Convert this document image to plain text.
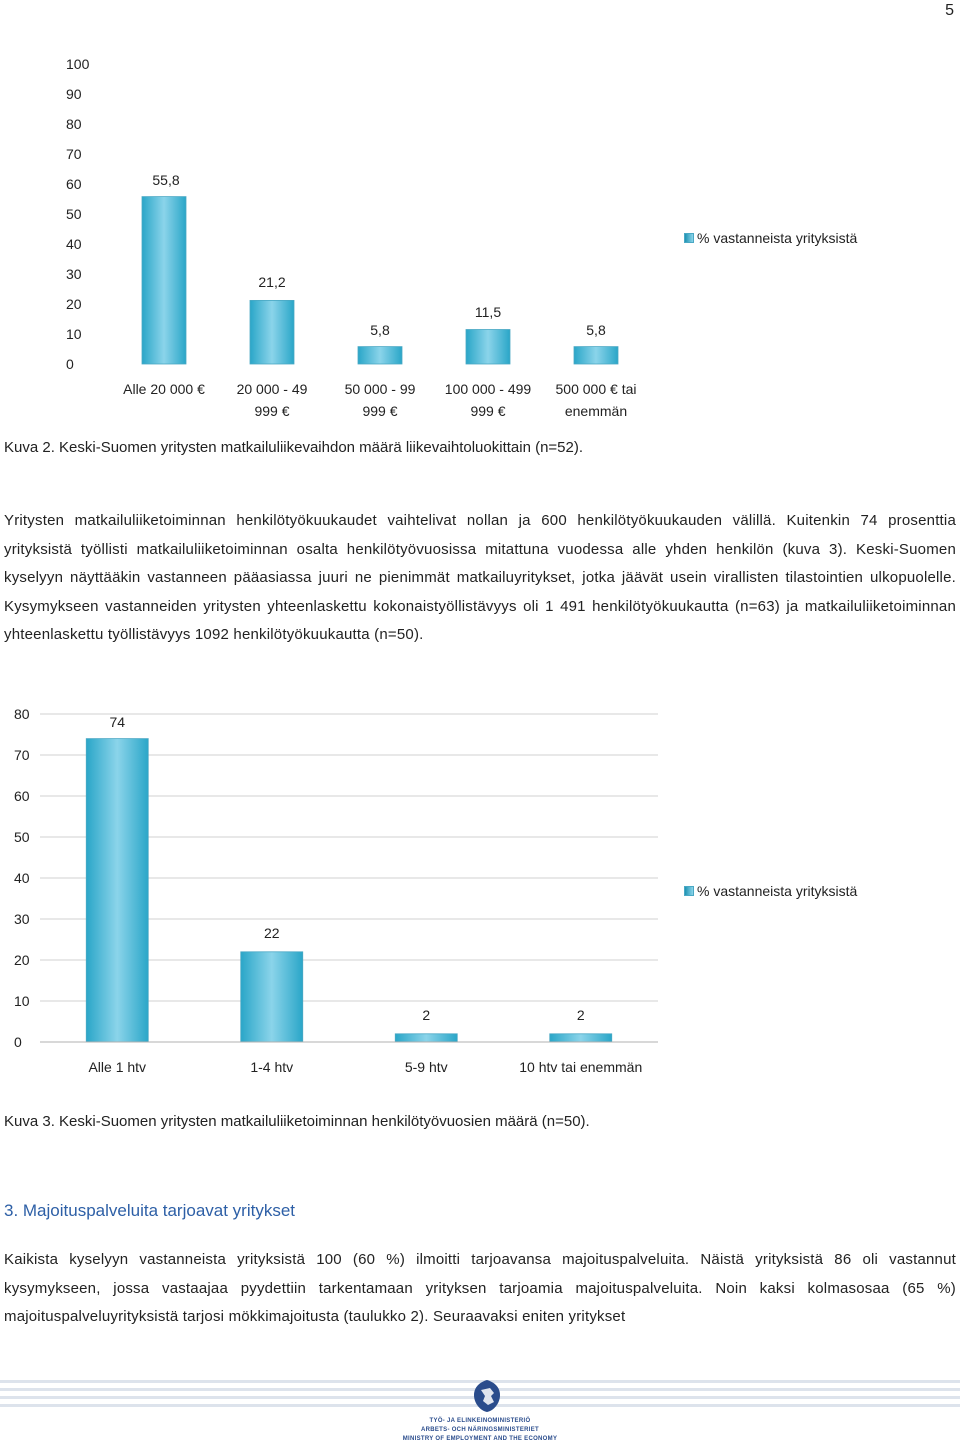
5
0
10
20
30
40
50
60
70
80
90
100
55,8
Alle 20 000 €
21,2
20 000 - 49
999 €
5,8
50 000 - 99
999 €
11,5
100 000 - 499
999 €
5,8
500 000 € tai
enemmän
% vastanneista yrityksistä
Kuva 2. Keski-Suomen yritysten matkailuliikevaihdon määrä liikevaihtoluokittain (n=52).
Yritysten matkailuliiketoiminnan henkilötyökuukaudet vaihtelivat nollan ja 600 henkilötyökuukauden välillä. Kuitenkin 74 prosenttia yrityksistä työllisti matkailuliiketoiminnan osalta henkilötyövuosissa mitattuna vuodessa alle yhden henkilön (kuva 3). Keski-Suomen kyselyyn näyttääkin vastanneen pääasiassa juuri ne pienimmät matkailuyritykset, jotka jäävät usein virallisten tilastointien ulkopuolelle. Kysymykseen vastanneiden yritysten yhteenlaskettu kokonaistyöllistävyys oli 1 491 henkilötyökuukautta (n=63) ja matkailuliiketoiminnan yhteenlaskettu työllistävyys 1092 henkilötyökuukautta (n=50).
0
10
20
30
40
50
60
70
80	74
Alle 1 htv
22
1-4 htv
2
5-9 htv
2
10 htv tai enemmän
% vastanneista yrityksistä
Kuva 3. Keski-Suomen yritysten matkailuliiketoiminnan henkilötyövuosien määrä (n=50).
3. Majoituspalveluita tarjoavat yritykset
Kaikista kyselyyn vastanneista yrityksistä 100 (60 %) ilmoitti tarjoavansa majoituspalveluita. Näistä yrityksistä 86 oli vastannut kysymykseen, jossa vastaajaa pyydettiin tarkentamaan yrityksen tarjoamia majoituspalveluita. Noin kaksi kolmasosaa (65 %) majoituspalveluyrityksistä tarjosi mökkimajoitusta (taulukko 2). Seuraavaksi eniten yritykset
TYÖ- JA ELINKEINOMINISTERIÖ
ARBETS- OCH NÄRINGSMINISTERIET
MINISTRY OF EMPLOYMENT AND THE ECONOMY
